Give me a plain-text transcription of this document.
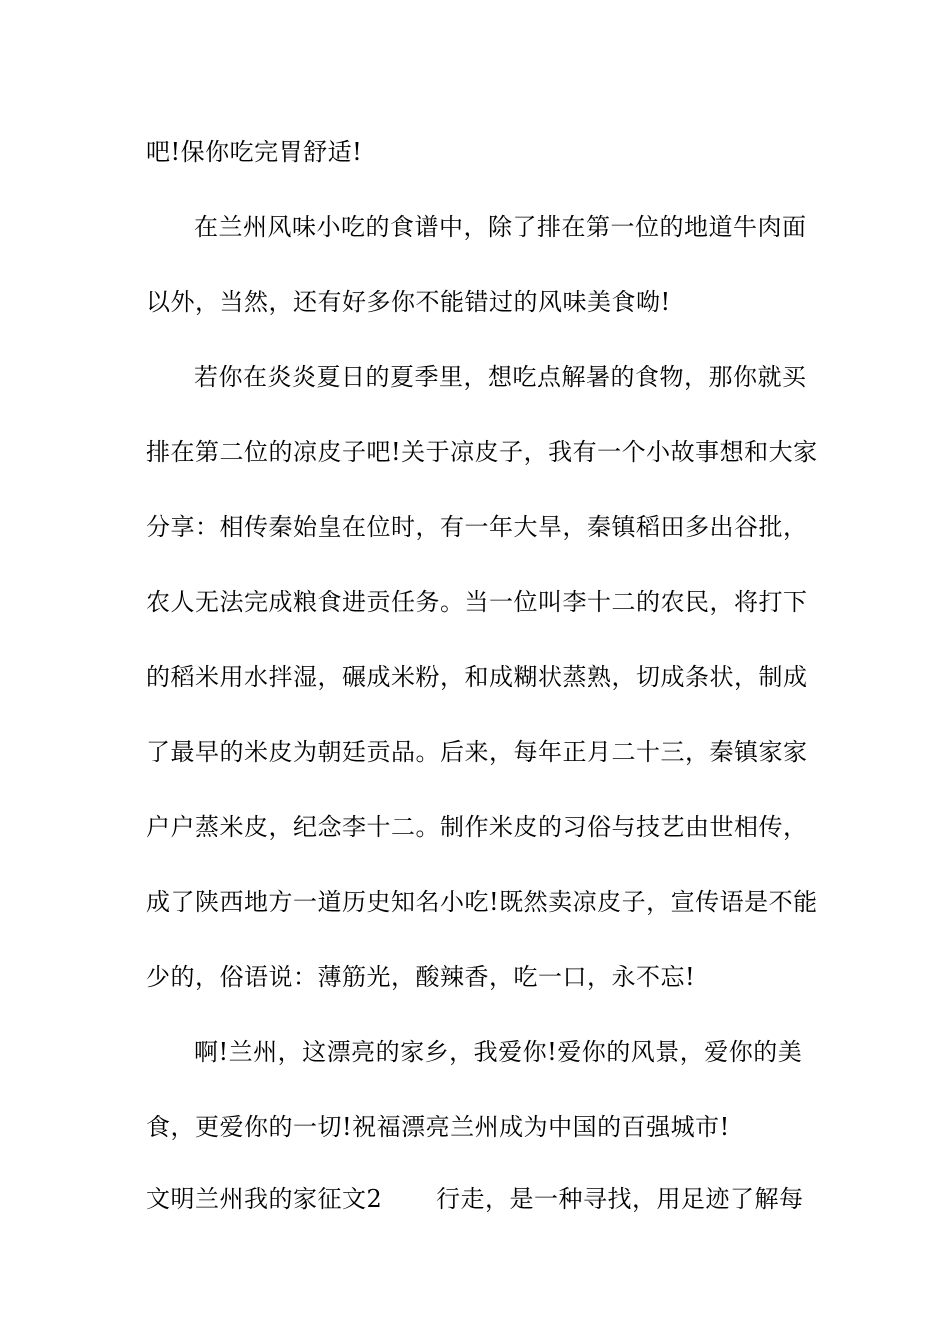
吧!保你吃完胃舒适!
在兰州风味小吃的食谱中，除了排在第一位的地道牛肉面
以外，当然，还有好多你不能错过的风味美食呦!
若你在炎炎夏日的夏季里，想吃点解暑的食物，那你就买
排在第二位的凉皮子吧!关于凉皮子，我有一个小故事想和大家
分享：相传秦始皇在位时，有一年大旱，秦镇稻田多出谷批，
农人无法完成粮食进贡任务。当一位叫李十二的农民，将打下
的稻米用水拌湿，碾成米粉，和成糊状蒸熟，切成条状，制成
了最早的米皮为朝廷贡品。后来，每年正月二十三，秦镇家家
户户蒸米皮，纪念李十二。制作米皮的习俗与技艺由世相传，
成了陕西地方一道历史知名小吃!既然卖凉皮子，宣传语是不能
少的，俗语说：薄筋光，酸辣香，吃一口，永不忘!
啊!兰州，这漂亮的家乡，我爱你!爱你的风景，爱你的美
食，更爱你的一切!祝福漂亮兰州成为中国的百强城市!
文明兰州我的家征文2 行走，是一种寻找，用足迹了解每
